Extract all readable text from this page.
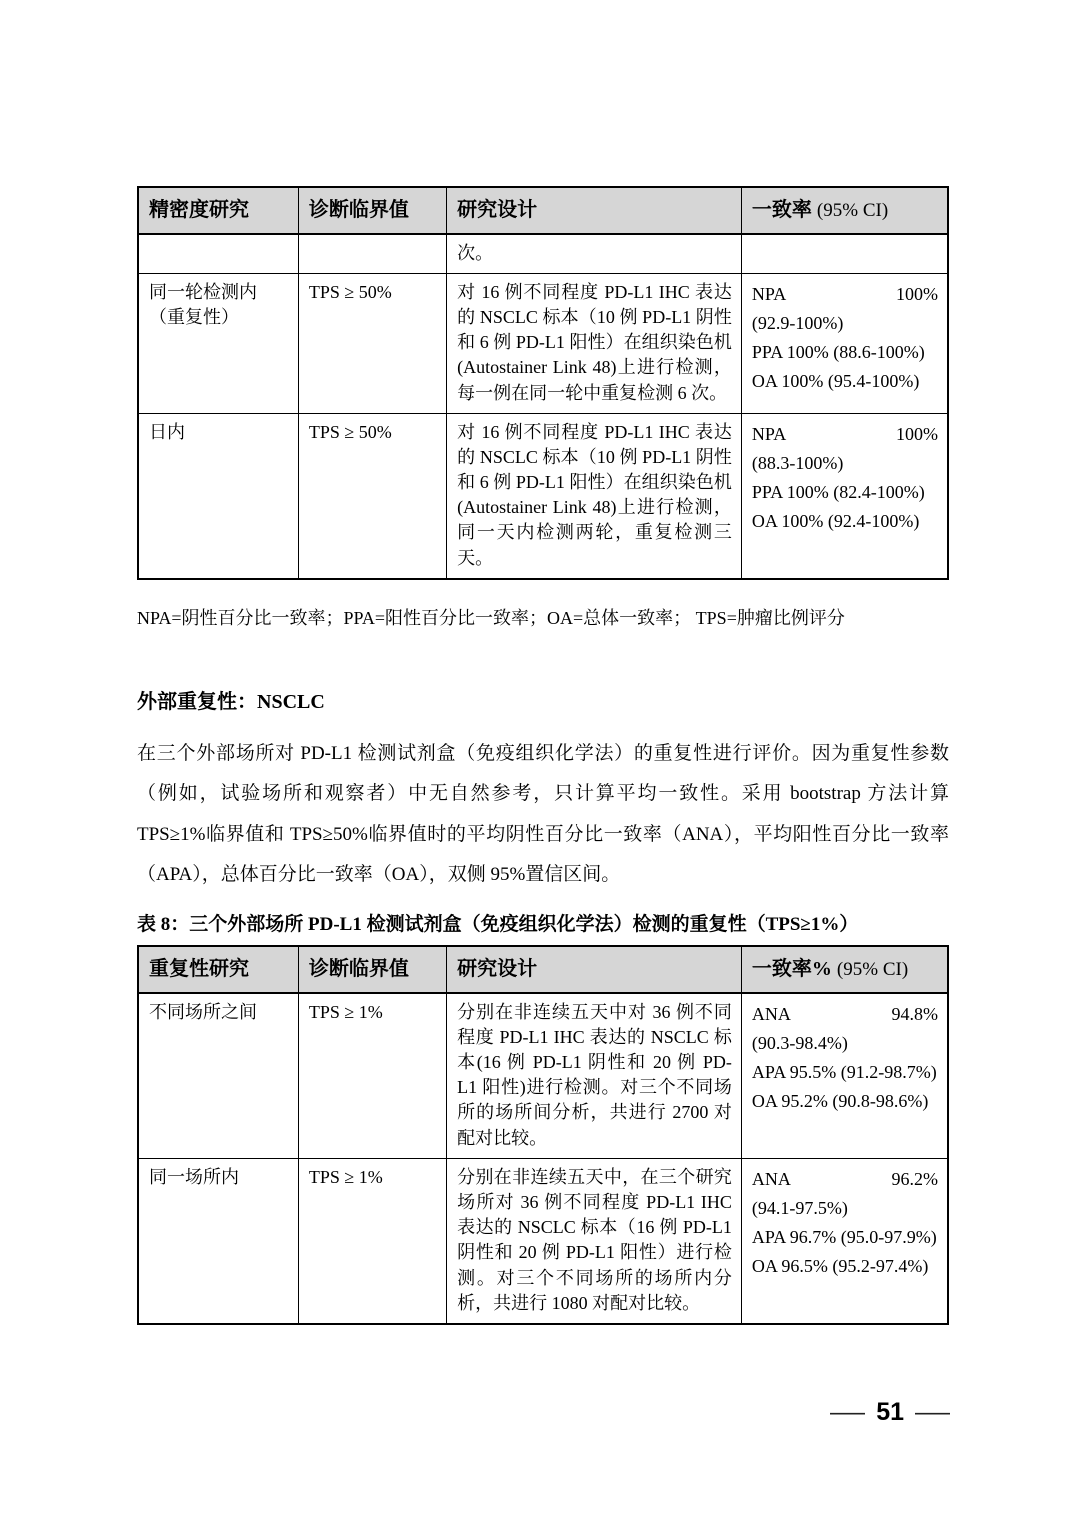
精密度研究	诊断临界值	研究设计	一致率 (95% CI)
		次。	

同一轮检测内
（重复性）
	TPS ≥ 50%	对 16 例不同程度 PD-L1 IHC 表达的 NSCLC 标本（10 例 PD-L1 阴性和 6 例 PD-L1 阳性）在组织染色机(Autostainer Link 48)上进行检测，每一例在同一轮中重复检测 6 次。	
NPA	100%
(92.9-100%)
PPA 100% (88.6-100%)
OA 100% (95.4-100%)

日内	TPS ≥ 50%	对 16 例不同程度 PD-L1 IHC 表达的 NSCLC 标本（10 例 PD-L1 阴性和 6 例 PD-L1 阳性）在组织染色机(Autostainer Link 48)上进行检测，同一天内检测两轮，重复检测三天。	NPA 100%
(88.3-100%)
PPA 100% (82.4-100%)
OA 100% (92.4-100%)

NPA=阴性百分比一致率；PPA=阳性百分比一致率；OA=总体一致率； TPS=肿瘤比例评分

外部重复性：NSCLC

在三个外部场所对 PD-L1 检测试剂盒（免疫组织化学法）的重复性进行评价。因为重复性参数（例如，试验场所和观察者）中无自然参考，只计算平均一致性。采用 bootstrap 方法计算 TPS≥1%临界值和 TPS≥50%临界值时的平均阴性百分比一致率（ANA），平均阳性百分比一致率（APA），总体百分比一致率（OA），双侧 95%置信区间。

表 8：三个外部场所 PD-L1 检测试剂盒（免疫组织化学法）检测的重复性（TPS≥1%）

重复性研究	诊断临界值	研究设计	一致率% (95% CI)

不同场所之间	TPS ≥ 1%	分别在非连续五天中对 36 例不同程度 PD-L1 IHC 表达的 NSCLC 标本(16 例 PD-L1 阴性和 20 例 PD-L1 阳性)进行检测。对三个不同场所的场所间分析，共进行 2700 对配对比较。	ANA 94.8%
(90.3-98.4%)
APA 95.5% (91.2-98.7%)
OA 95.2% (90.8-98.6%)

同一场所内	TPS ≥ 1%	分别在非连续五天中，在三个研究场所对 36 例不同程度 PD-L1 IHC 表达的 NSCLC 标本（16 例 PD-L1 阴性和 20 例 PD-L1 阳性）进行检测。对三个不同场所的场所内分析，共进行 1080 对配对比较。	ANA 96.2%
(94.1-97.5%)
APA 96.7% (95.0-97.9%)
OA 96.5% (95.2-97.4%)
— 51 —
